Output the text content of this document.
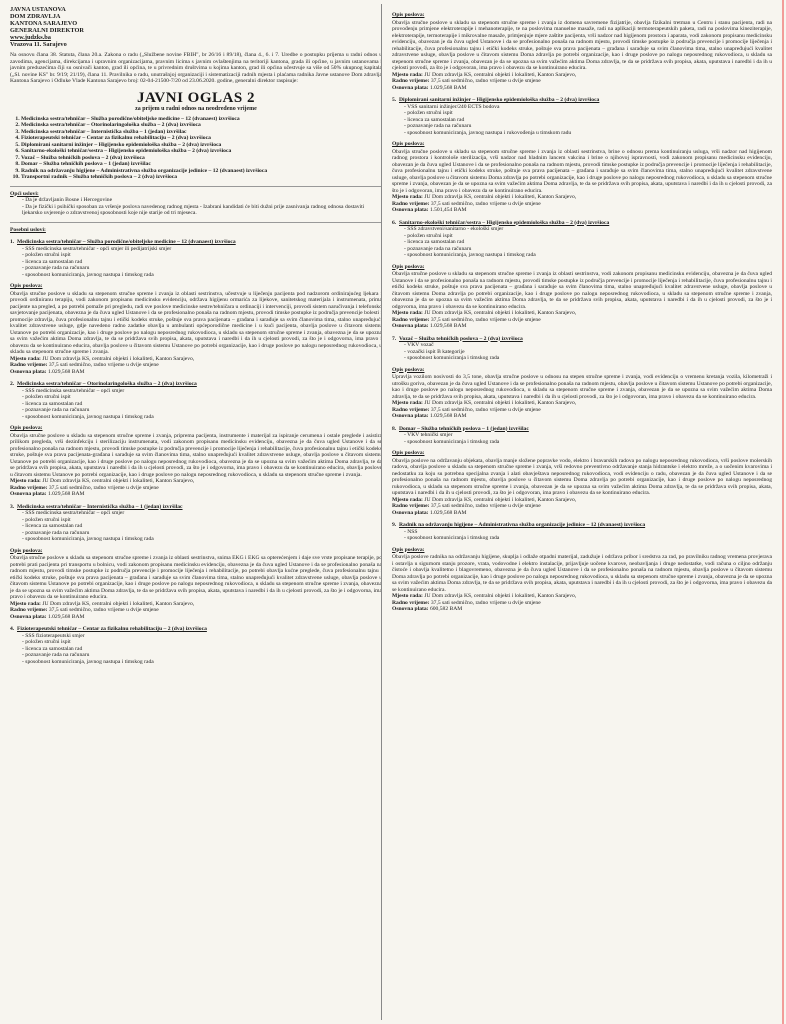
JAVNA USTANOVA
DOM ZDRAVLJA
KANTONA SARAJEVO
GENERALNI DIREKTOR
www.judzks.ba
Vrazova 11. Sarajevo

Na osnovu člana 38. Statuta, člana 20.a. Zakona o radu („Službene novine FBIH", br 26/16 i 89/18), člana 4., 6. i 7. Uredbe o postupku prijema u radni odnos u zavodima, agencijama, direkcijama i upravnim organizacijama, pravnim licima s javnim ovlaštenjima na teritoriji kantona, grada ili općine, u javnim ustanovama i javnim preduzećima čiji su osnivači kanton, grad ili općina, te u privrednim društvima u kojima kanton, grad ili općina učestvuje sa više od 50% ukupnog kapitala („Sl. novine KS" br. 9/19; 21/19), člana 11. Pravilnika o radu, unutrašnjoj organizaciji i sistematizaciji radnih mjesta i plaćama radnika Javne ustanove Dom zdravlja Kantona Sarajevo i Odluke Vlade Kantona Sarajevo broj: 02-04-21500-7/20 od 23.06.2020. godine, generalni direktor raspisuje:

JAVNI OGLAS 2
za prijem u radni odnos na neodređeno vrijeme
1. Medicinska sestra/tehničar – Služba porodične/obiteljske medicine – 12 (dvanaest) izvršioca
2. Medicinska sestra/tehničar – Otorinolaringološka služba – 2 (dva) izvršioca
3. Medicinska sestra/tehničar – Internistička služba – 1 (jedan) izvršilac
4. Fizioterapeutski tehničar – Centar za fizikalnu rehabilitaciju – 2 (dva) izvršioca
5. Diplomirani sanitarni inžinjer – Higijensko epidemiološka služba – 2 (dva) izvršioca
6. Sanitarno-ekološki tehničar/sestra – Higijensko epidemiološka služba – 2 (dva) izvršioca
7. Vozač – Služba tehničkih poslova – 2 (dva) izvršioca
8. Domar – Služba tehničkih poslova – 1 (jedan) izvršilac
9. Radnik na održavanju higijene – Administrativna služba organizacije jedinice – 12 (dvanaest) izvršioca
10. Transportni radnik – Služba tehničkih poslova – 2 (dva) izvršioca
Opći uslovi:
- Da je državljanin Bosne i Hercegovine
- Da je fizički i psihički sposoban za vršenje poslova navedenog radnog mjesta - Izabrani kandidati će biti dužni prije zasnivanja radnog odnosa dostaviti ljekarsko uvjerenje o zdravstvenoj sposobnosti koje nije starije od tri mjeseca.
Posebni uslovi:
1. Medicinska sestra/tehničar – Služba porodične/obiteljske medicine – 12 (dvanaest) izvršioca
- SSS medicinska sestra/tehničar - opći smjer ili pedijatrijski smjer
- položen stručni ispit
- licenca za samostalan rad
- poznavanje rada na računaru
- sposobnost komuniciranja, javnog nastupa i timskog rada
Opis poslova:

Obavlja stručne poslove u skladu sa stepenom stručne spreme i zvanja iz oblasti sestrinstva, učestvuje u liječenju pacijenta pod nadzorom ordinirajućeg ljekara i provodi ordiniranu terapiju, vodi zakonom propisanu medicinsku evidenciju, održava higijenu ormarića za lijekove, sanitetskog materijala i instrumenata, prima pacijente na pregled, a po potrebi pomaže pri pregledu, radi sve poslove medicinske sestre/tehničara u ordinaciji i intervenciji, provodi sistem naručivanja i telefonsko savjetovanje pacijenata, obavezna je da čuva ugled Ustanove i da se profesionalno ponaša na radnom mjestu, provodi timske postupke iz područja prevencije bolesti i promocije zdravlja, čuva profesionalnu tajnu i etički kodeks struke, poštuje sva prava pacijenata – građana i sarađuje sa svim članovima tima, stalno unapređujući kvalitet zdravstvene usluge, gdje navedeno radno zadatke obavlja u ambulanti općeporodične medicine i u kući pacijenta, obavlja poslove u čitavom sistemu Ustanove po potrebi organizacije, kao i druge poslove po nalogu neposrednog rukovodioca, u skladu sa stepenom stručne spreme i zvanja, obavezna je da se upozna sa svim važećim aktima Doma zdravlja, te da se pridržava svih propisa, akata, uputstava i naredbi i da ih u cjelosti provodi, za što je i odgovorna, ima pravo i obavezu da se kontinuirano educira, obavlja poslove u čitavom sistemu Ustanove po potrebi organizacije, kao i druge poslove po nalogu neposrednog rukovodioca, u skladu sa stepenom stručne spreme i zvanja.

Mjesto rada: JU Dom zdravlja KS, centralni objekti i lokaliteti, Kanton Sarajevo,
Radno vrijeme: 37,5 sati sedmično, radno vrijeme u dvije smjene
Osnovna plata: 1.029,568 BAM
2. Medicinska sestra/tehničar – Otorinolaringološka služba – 2 (dva) izvršioca
- SSS medicinska sestra/tehničar – opći smjer
- položen stručni ispit
- licenca za samostalan rad
- poznavanje rada na računaru
- sposobnost komuniciranja, javnog nastupa i timskog rada
Opis poslova:

Obavlja stručne poslove u skladu sa stepenom stručne spreme i zvanja, priprema pacijenta, instrumente i materijal za ispiranje cerumena i ostale preglede i asistira prilikom pregleda, vrši dezinfekciju i sterilizaciju instrumenata, vodi zakonom propisanu medicinsku evidenciju, obavezna je da čuva ugled Ustanove i da se profesionalno ponaša na radnom mjestu, provodi timske postupke iz područja prevencije i promocije liječenja i rehabilitacije, čuva profesionalnu tajnu i etički kodeks struke, poštuje sva prava pacijenata-građana i sarađuje sa svim članovima tima, stalno unapređujući kvalitet zdravstvene usluge, obavlja poslove u čitavom sistemu Ustanove po potrebi organizacije, kao i druge poslove po nalogu neposrednog rukovodioca, obavezna je da se upozna sa svim važećim aktima Doma zdravlja, te da se pridržava svih propisa, akata, uputstava i naredbi i da ih u cjelosti provodi, za što je i odgovorna, ima pravo i obavezu da se kontinuirano educira, obavlja poslove u čitavom sistemu Ustanove po potrebi organizacije, kao i druge poslove po nalogu neposrednog rukovodioca, u skladu sa stepenom stručne spreme i zvanja.

Mjesto rada: JU Dom zdravlja KS, centralni objekti i lokaliteti, Kanton Sarajevo,
Radno vrijeme: 37,5 sati sedmično, radno vrijeme u dvije smjene
Osnovna plata: 1.029,568 BAM
3. Medicinska sestra/tehničar – Internistička služba – 1 (jedan) izvršilac
- SSS medicinska sestra/tehničar – opći smjer
- položen stručni ispit
- licenca za samostalan rad
- poznavanje rada na računaru
- sposobnost komuniciranja, javnog nastupa i timskog rada
Opis poslova:

Obavlja stručne poslove u skladu sa stepenom stručne spreme i zvanja iz oblasti sestrinstva, snima EKG i EKG sa opterećenjem i daje sve vrste propisane terapije, po potrebi prati pacijenta pri transportu u bolnicu, vodi zakonom propisanu medicinsku evidenciju, obavezna je da čuva ugled Ustanove i da se profesionalno ponaša na radnom mjestu, provodi timske postupke iz područja prevencije i promocije liječenja i rehabilitacije, po potrebi obavlja kućne preglede, čuva profesionalnu tajnu i etički kodeks struke, poštuje sva prava pacijenata – građana i sarađuje sa svim članovima tima, stalno unapređujući kvalitet zdravstvene usluge, obavlja poslove u čitavom sistemu Ustanove po potrebi organizacije, kao i druge poslove po nalogu neposrednog rukovodioca, u skladu sa stepenom stručne spreme i zvanja, obavezna je da se upozna sa svim važećim aktima Doma zdravlja, te da se pridržava svih propisa, akata, uputstava i naredbi i da ih u cjelosti provodi, za što je i odgovorna, ima pravo i obavezu da se kontinuirano educira.

Mjesto rada: JU Dom zdravlja KS, centralni objekti i lokaliteti, Kanton Sarajevo,
Radno vrijeme: 37,5 sati sedmično, radno vrijeme u dvije smjene
Osnovna plata: 1.029,568 BAM
4. Fizioterapeutski tehničar – Centar za fizikalnu rehabilitaciju – 2 (dva) izvršioca
- SSS fizioterapeutski smjer
- položen stručni ispit
- licenca za samostalan rad
- poznavanje rada na računaru
- sposobnost komuniciranja, javnog nastupa i timskog rada
Opis poslova:

Obavlja stručne poslove u skladu sa stepenom stručne spreme i zvanja iz domena savremene fizijatrije, obavlja fizikalni tretman u Centru i stanu pacijenta, radi na provođenju primjene elektroterapije i mehanoterapije, te na poslovima manuelne masaže, radi na aplikaciji termoterapeutskih paketa, radi na poslovima kineziterapije, elektroterapije, termoterapije i mikrovalne masaže, primjenjuje mjere zaštite pacijenta, vrši nadzor nad higijenom prostora i aparata, vodi zakonom propisanu medicinsku evidenciju, obavezan je da čuva ugled Ustanove i da se profesionalno ponaša na radnom mjestu, provodi timske postupke iz područja prevencije i promocije liječenja i rehabilitacije, čuva profesionalnu tajnu i etički kodeks struke, poštuje sva prava pacijenata – građana i sarađuje sa svim članovima tima, stalno unapređujući kvalitet zdravstvene usluge, obavlja poslove u čitavom sistemu Doma zdravlja po potrebi organizacije, kao i druge poslove po nalogu neposrednog rukovodioca, u skladu sa stepenom stručne spreme i zvanja, obavezan je da se upozna sa svim važećim aktima Doma zdravlja, te da se pridržava svih propisa, akata, uputstava i naredbi i da ih u cjelosti provodi, za što je i odgovoran, ima pravo i obavezu da se kontinuirano educira.

Mjesto rada: JU Dom zdravlja KS, centralni objekti i lokaliteti, Kanton Sarajevo,
Radno vrijeme: 37,5 sati sedmično, radno vrijeme u dvije smjene
Osnovna plata: 1.029,568 BAM
5. Diplomirani sanitarni inžinjer – Higijensko epidemiološka služba – 2 (dva) izvršioca
- VSS sanitarni inžinjer/240 ECTS bodova
- položen stručni ispit
- licenca za samostalan rad
- poznavanje rada na računaru
- sposobnost komuniciranja, javnog nastupa i rukovođenja u timskom radu
Opis poslova:

Obavlja stručne poslove u skladu sa stepenom stručne spreme i zvanja iz oblasti sestrinstva, brine o odnosu prema kontinuiranju usluga, vrši nadzor nad higijenom radnog prostora i kontrološe sterilizacija, vrši nadzor nad hladnim lancem vakcina i brine o njihovoj ispravnosti, vodi zakonom propisanu medicinsku evidenciju, obavezan je da čuva ugled Ustanove i da se profesionalno ponaša na radnom mjestu, provodi timske postupke iz područja prevencije i promocije liječenja i rehabilitacije, čuva profesionalnu tajnu i etički kodeks struke, poštuje sva prava pacijenata – građana i sarađuje sa svim članovima tima, stalno unapređujući kvalitet zdravstvene usluge, obavlja poslove u čitavom sistemu Doma zdravlja po potrebi organizacije, kao i druge poslove po nalogu neposrednog rukovodioca, u skladu sa stepenom stručne spreme i zvanja, obavezan je da se upozna sa svim važećim aktima Doma zdravlja, te da se pridržava svih propisa, akata, uputstava i naredbi i da ih u cjelosti provodi, za što je i odgovoran, ima pravo i obavezu da se kontinuirano educira.

Mjesto rada: JU Dom zdravlja KS, centralni objekti i lokaliteti, Kanton Sarajevo,
Radno vrijeme: 37,5 sati sedmično, radno vrijeme u dvije smjene
Osnovna plata: 1.501,454 BAM
6. Sanitarno-ekološki tehničar/sestra – Higijensko epidemiološka služba – 2 (dva) izvršioca
- SSS zdravstveni/sanitarno - ekološki smjer
- položen stručni ispit
- licenca za samostalan rad
- poznavanje rada na računaru
- sposobnost komuniciranja, javnog nastupa i timskog rada
Opis poslova:

Obavlja stručne poslove u skladu sa stepenom stručne spreme i zvanja iz oblasti sestrinstva, vodi zakonom propisanu medicinsku evidenciju, obavezna je da čuva ugled Ustanove i da se profesionalno ponaša na radnom mjestu, provodi timske postupke iz područja prevencije i promocije liječenja i rehabilitacije, čuva profesionalnu tajnu i etički kodeks struke, poštuje sva prava pacijenata – građana i sarađuje sa svim članovima tima, stalno unapređujući kvalitet zdravstvene usluge, obavlja poslove u čitavom sistemu Doma zdravlja po potrebi organizacije, kao i druge poslove po nalogu neposrednog rukovodioca, u skladu sa stepenom stručne spreme i zvanja, obavezna je da se upozna sa svim važećim aktima Doma zdravlja, te da se pridržava svih propisa, akata, uputstava i naredbi i da ih u cjelosti provodi, za što je i odgovorna, ima pravo i obavezu da se kontinuirano educira.

Mjesto rada: JU Dom zdravlja KS, centralni objekti i lokaliteti, Kanton Sarajevo,
Radno vrijeme: 37,5 sati sedmično, radno vrijeme u dvije smjene
Osnovna plata: 1.029,568 BAM
7. Vozač – Služba tehničkih poslova – 2 (dva) izvršioca
- VKV vozač
- vozački ispit B kategorije
- sposobnost komuniciranja i timskog rada
Opis poslova:

Upravlja vozilom nosivosti do 3,5 tone, obavlja stručne poslove u odnosu na stepen stručne spreme i zvanja, vodi evidenciju o vremenu kretanja vozila, kilometraži i utrošku goriva, obavezan je da čuva ugled Ustanove i da se profesionalno ponaša na radnom mjestu, obavlja poslove u čitavom sistemu Ustanove po potrebi organizacije, kao i druge poslove po nalogu neposrednog rukovodioca, u skladu sa stepenom stručne spreme i zvanja, obavezan je da se upozna sa svim važećim aktima Doma zdravlja, te da se pridržava svih propisa, akata, uputstava i naredbi i da ih u cjelosti provodi, za što je i odgovoran, ima pravo i obavezu da se kontinuirano educira.

Mjesto rada: JU Dom zdravlja KS, centralni objekti i lokaliteti, Kanton Sarajevo,
Radno vrijeme: 37,5 sati sedmično, radno vrijeme u dvije smjene
Osnovna plata: 1.029,568 BAM
8. Domar – Služba tehničkih poslova – 1 (jedan) izvršilac
- VKV tehnički smjer
- sposobnost komuniciranja i timskog rada
Opis poslova:

Obavlja poslove na održavanju objekata, obavlja manje složene popravke vodo, elektro i bravarskih radova po nalogu neposrednog rukovodioca, vrši poslove molerskih radova, obavlja poslove u skladu sa stepenom stručne spreme i zvanja, vrši redovno preventivno održavanje stanja hidrantske i elektro mreže, a o uočenim kvarovima i nedostatku za koju su potrebna specijalna zvanja i alati obavještava neposrednog rukovodioca, vodi evidenciju o radu, obavezan je da čuva ugled Ustanove i da se profesionalno ponaša na radnom mjestu, obavlja poslove u čitavom sistemu Doma zdravlja po potrebi organizacije, kao i druge poslove po nalogu neposrednog rukovodioca, u skladu sa stepenom stručne spreme i zvanja, obavezan je da se upozna sa svim važećim aktima Doma zdravlja, te da se pridržava svih propisa, akata, uputstava i naredbi i da ih u cjelosti provodi, za što je i odgovoran, ima pravo i obavezu da se kontinuirano educira.

Mjesto rada: JU Dom zdravlja KS, centralni objekti i lokaliteti, Kanton Sarajevo,
Radno vrijeme: 37,5 sati sedmično, radno vrijeme u dvije smjene
Osnovna plata: 1.029,568 BAM
9. Radnik na održavanju higijene – Administrativna služba organizacije jedinice – 12 (dvanaest) izvršioca
- NSS
- sposobnost komuniciranja i timskog rada
Opis poslova:

Obavlja poslove radnika na održavanju higijene, skuplja i odlaže otpadni materijal, zadužuje i održava pribor i sredstva za rad, po pravilniku radnog vremena provjerava i ostavlja u sigurnom stanju prozore, vrata, vodovodne i elektro instalacije, prijavljuje uočene kvarove, neobavljanja i druge nedostatke, vodi računa o ciljno održanju čistoće i obavlja kvalitetno i blagovremeno, obavezna je da čuva ugled Ustanove i da se profesionalno ponaša na radnom mjestu, obavlja poslove u čitavom sistemu Doma zdravlja po potrebi organizacije, kao i druge poslove po nalogu neposrednog rukovodioca, u skladu sa stepenom stručne spreme i zvanja, obavezna je da se upozna sa svim važećim aktima Doma zdravlja, te da se pridržava svih propisa, akata, uputstava i naredbi i da ih u cjelosti provodi, za što je i odgovorna, ima pravo i obavezu da se kontinuirano educira.

Mjesto rada: JU Dom zdravlja KS, centralni objekti i lokaliteti, Kanton Sarajevo,
Radno vrijeme: 37,5 sati sedmično, radno vrijeme u dvije smjene
Osnovna plata: 600,582 BAM
